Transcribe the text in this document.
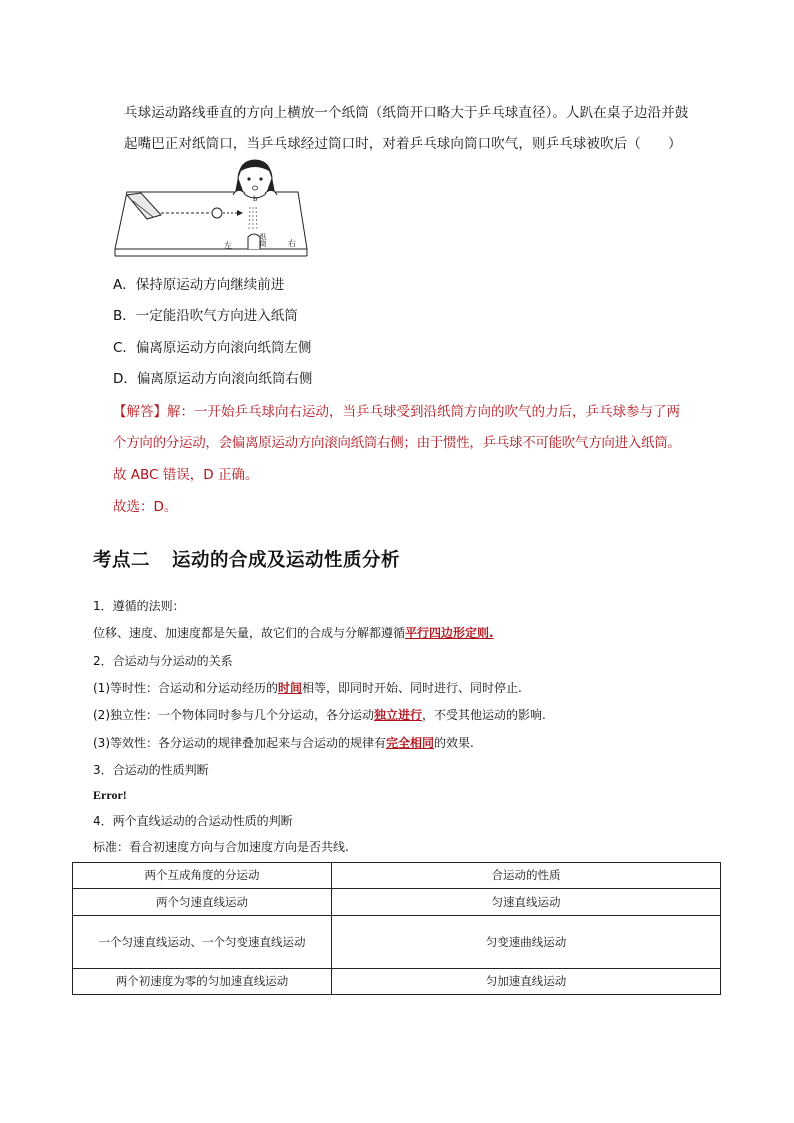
乓球运动路线垂直的方向上横放一个纸筒（纸筒开口略大于乒乓球直径）。人趴在桌子边沿并鼓
起嘴巴正对纸筒口，当乒乓球经过筒口时，对着乒乓球向筒口吹气，则乒乓球被吹后（　　）
b
左	右
纸筒
A．保持原运动方向继续前进
B．一定能沿吹气方向进入纸筒
C．偏离原运动方向滚向纸筒左侧
D．偏离原运动方向滚向纸筒右侧
【解答】解：一开始乒乓球向右运动，当乒乓球受到沿纸筒方向的吹气的力后，乒乓球参与了两
个方向的分运动，会偏离原运动方向滚向纸筒右侧；由于惯性，乒乓球不可能吹气方向进入纸筒。
故 ABC 错误，D 正确。
故选：D。
考点二 运动的合成及运动性质分析
1．遵循的法则：
位移、速度、加速度都是矢量，故它们的合成与分解都遵循平行四边形定则.
2．合运动与分运动的关系
(1)等时性：合运动和分运动经历的时间相等，即同时开始、同时进行、同时停止.
(2)独立性：一个物体同时参与几个分运动，各分运动独立进行，不受其他运动的影响.
(3)等效性：各分运动的规律叠加起来与合运动的规律有完全相同的效果.
3．合运动的性质判断
Error!
4．两个直线运动的合运动性质的判断
标准：看合初速度方向与合加速度方向是否共线.
两个互成角度的分运动	合运动的性质
两个匀速直线运动	匀速直线运动
一个匀速直线运动、一个匀变速直线运动	匀变速曲线运动
两个初速度为零的匀加速直线运动	匀加速直线运动
